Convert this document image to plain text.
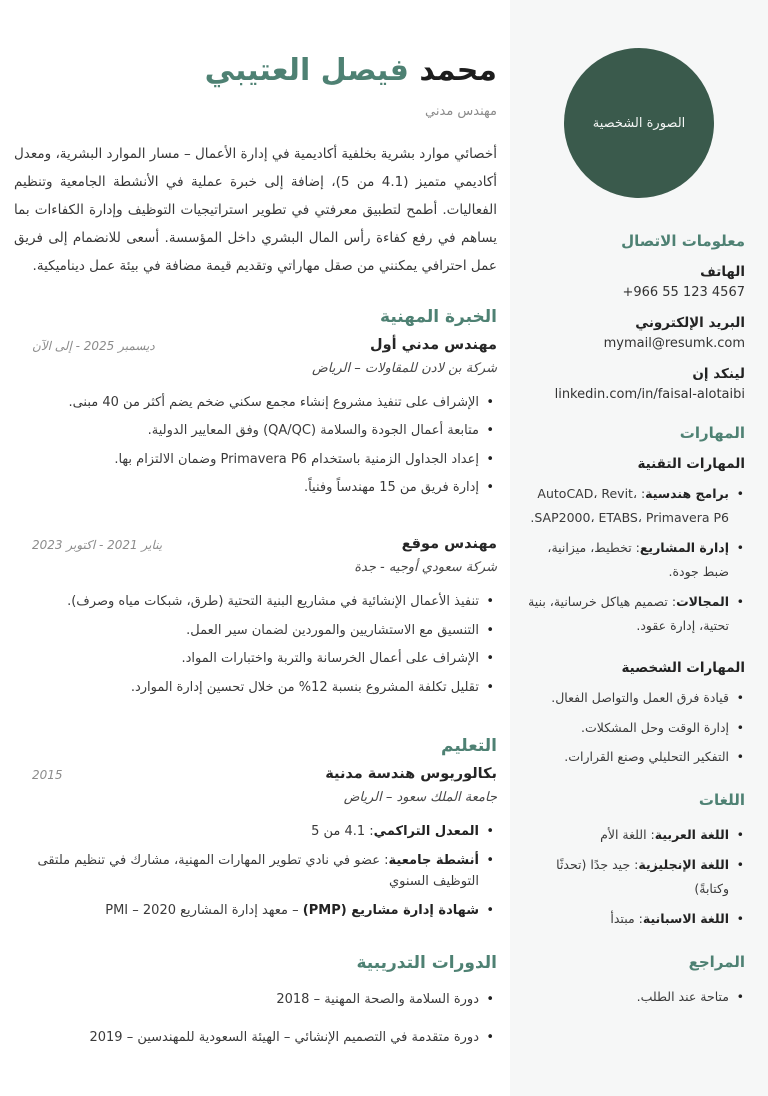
الصورة الشخصية
معلومات الاتصال
الهاتف
+966 55 123 4567
البريد الإلكتروني
mymail@resumk.com
لينكد إن
linkedin.com/in/faisal-alotaibi
المهارات
المهارات التقنية
• برامج هندسية: AutoCAD، Revit، SAP2000، ETABS، Primavera P6.
• إدارة المشاريع: تخطيط، ميزانية، ضبط جودة.
• المجالات: تصميم هياكل خرسانية، بنية تحتية، إدارة عقود.
المهارات الشخصية
• قيادة فرق العمل والتواصل الفعال.
• إدارة الوقت وحل المشكلات.
• التفكير التحليلي وصنع القرارات.
اللغات
• اللغة العربية: اللغة الأم
• اللغة الإنجليزية: جيد جدًا (تحدثًا وكتابةً)
• اللغة الاسبانية: مبتدأ
المراجع
• متاحة عند الطلب.
محمد فيصل العتيبي
مهندس مدني

أخصائي موارد بشرية بخلفية أكاديمية في إدارة الأعمال – مسار الموارد البشرية، ومعدل أكاديمي متميز (4.1 من 5)، إضافة إلى خبرة عملية في الأنشطة الجامعية وتنظيم الفعاليات. أطمح لتطبيق معرفتي في تطوير استراتيجيات التوظيف وإدارة الكفاءات بما يساهم في رفع كفاءة رأس المال البشري داخل المؤسسة. أسعى للانضمام إلى فريق عمل احترافي يمكنني من صقل مهاراتي وتقديم قيمة مضافة في بيئة عمل ديناميكية.

الخبرة المهنية
مهندس مدني أول
ديسمبر 2025 - إلى الآن
شركة بن لادن للمقاولات – الرياض
• الإشراف على تنفيذ مشروع إنشاء مجمع سكني ضخم يضم أكثر من 40 مبنى.
• متابعة أعمال الجودة والسلامة (QA/QC) وفق المعايير الدولية.
• إعداد الجداول الزمنية باستخدام Primavera P6 وضمان الالتزام بها.
• إدارة فريق من 15 مهندساً وفنياً.
مهندس موقع
يناير 2021 - اكتوبر 2023
شركة سعودي أوجيه - جدة
• تنفيذ الأعمال الإنشائية في مشاريع البنية التحتية (طرق، شبكات مياه وصرف).
• التنسيق مع الاستشاريين والموردين لضمان سير العمل.
• الإشراف على أعمال الخرسانة والتربة واختبارات المواد.
• تقليل تكلفة المشروع بنسبة 12% من خلال تحسين إدارة الموارد.
التعليم
بكالوريوس هندسة مدنية
2015
جامعة الملك سعود – الرياض
• المعدل التراكمي: 4.1 من 5
• أنشطة جامعية: عضو في نادي تطوير المهارات المهنية، مشارك في تنظيم ملتقى التوظيف السنوي
• شهادة إدارة مشاريع (PMP) – معهد إدارة المشاريع 2020 – PMI
الدورات التدريبية
• دورة السلامة والصحة المهنية – 2018
• دورة متقدمة في التصميم الإنشائي – الهيئة السعودية للمهندسين – 2019
